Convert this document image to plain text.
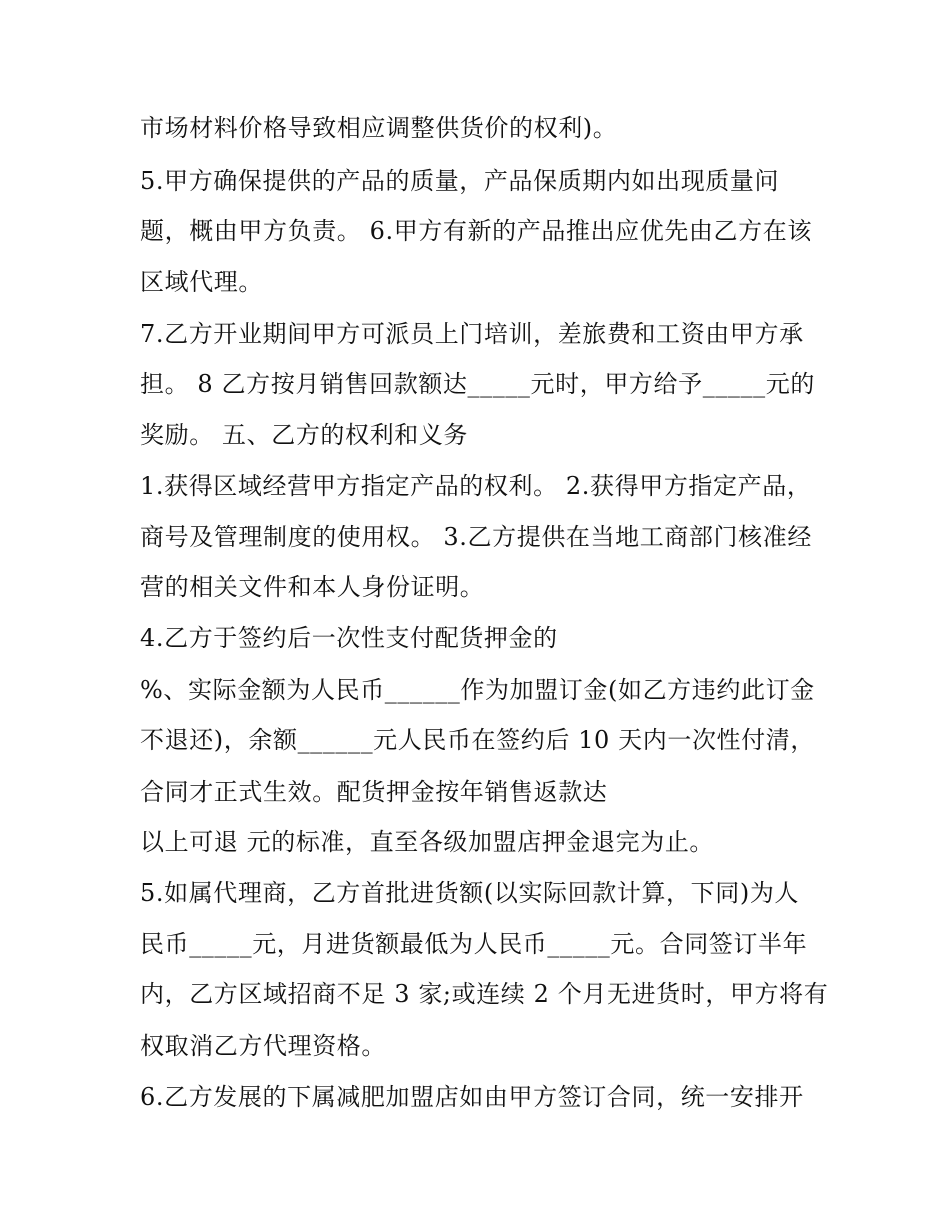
市场材料价格导致相应调整供货价的权利)。

5.甲方确保提供的产品的质量，产品保质期内如出现质量问

题，概由甲方负责。 6.甲方有新的产品推出应优先由乙方在该

区域代理。

7.乙方开业期间甲方可派员上门培训，差旅费和工资由甲方承

担。 8 乙方按月销售回款额达_____元时，甲方给予_____元的

奖励。 五、乙方的权利和义务

1.获得区域经营甲方指定产品的权利。 2.获得甲方指定产品，

商号及管理制度的使用权。 3.乙方提供在当地工商部门核准经

营的相关文件和本人身份证明。

4.乙方于签约后一次性支付配货押金的

%、实际金额为人民币______作为加盟订金(如乙方违约此订金

不退还)，余额______元人民币在签约后 10 天内一次性付清，

合同才正式生效。配货押金按年销售返款达

以上可退 元的标准，直至各级加盟店押金退完为止。

5.如属代理商，乙方首批进货额(以实际回款计算，下同)为人

民币_____元，月进货额最低为人民币_____元。合同签订半年

内，乙方区域招商不足 3 家;或连续 2 个月无进货时，甲方将有

权取消乙方代理资格。

6.乙方发展的下属减肥加盟店如由甲方签订合同，统一安排开
